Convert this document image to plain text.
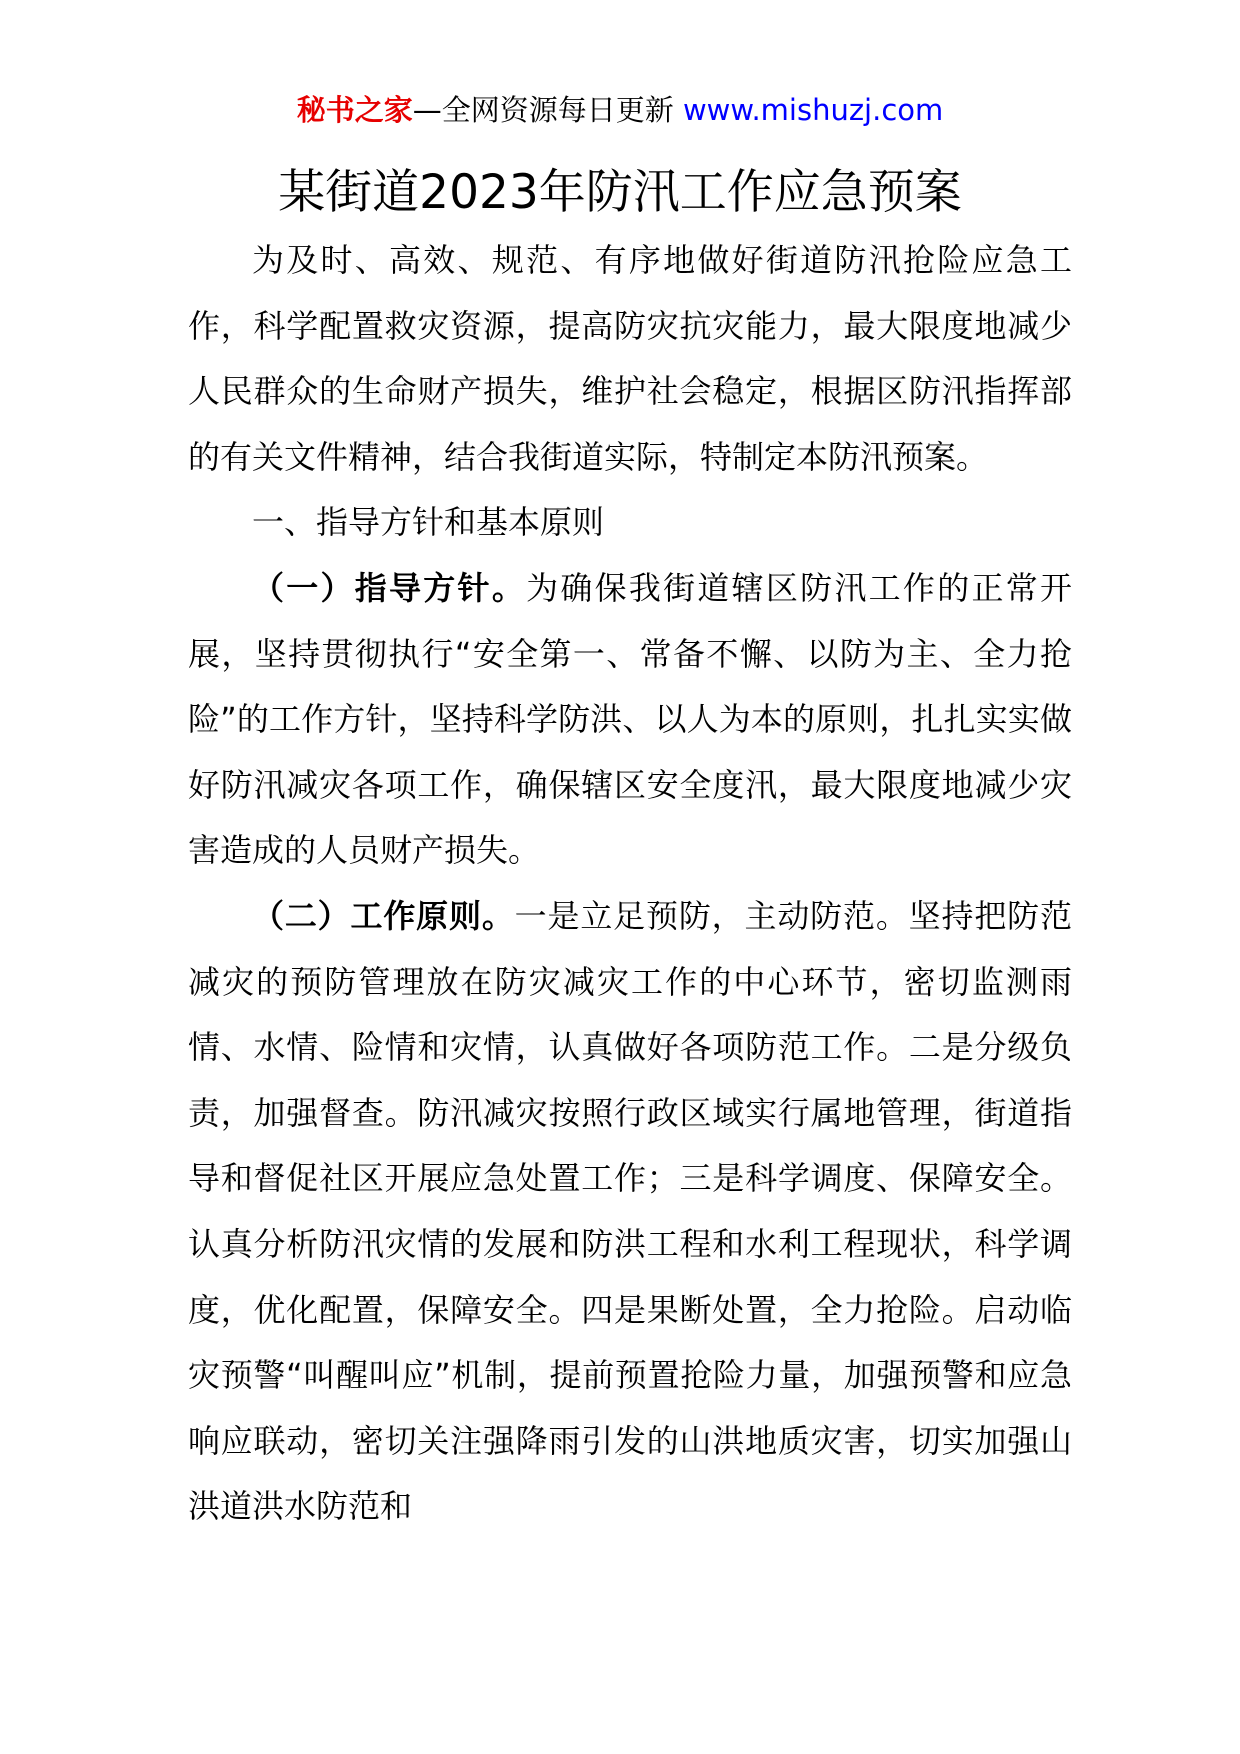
秘书之家—全网资源每日更新 www.mishuzj.com
某街道2023年防汛工作应急预案

为及时、高效、规范、有序地做好街道防汛抢险应急工作，科学配置救灾资源，提高防灾抗灾能力，最大限度地减少人民群众的生命财产损失，维护社会稳定，根据区防汛指挥部的有关文件精神，结合我街道实际，特制定本防汛预案。

一、指导方针和基本原则

（一）指导方针。为确保我街道辖区防汛工作的正常开展，坚持贯彻执行“安全第一、常备不懈、以防为主、全力抢险”的工作方针，坚持科学防洪、以人为本的原则，扎扎实实做好防汛减灾各项工作，确保辖区安全度汛，最大限度地减少灾害造成的人员财产损失。

（二）工作原则。一是立足预防，主动防范。坚持把防范减灾的预防管理放在防灾减灾工作的中心环节，密切监测雨情、水情、险情和灾情，认真做好各项防范工作。二是分级负责，加强督查。防汛减灾按照行政区域实行属地管理，街道指导和督促社区开展应急处置工作；三是科学调度、保障安全。认真分析防汛灾情的发展和防洪工程和水利工程现状，科学调度，优化配置，保障安全。四是果断处置，全力抢险。启动临灾预警“叫醒叫应”机制，提前预置抢险力量，加强预警和应急响应联动，密切关注强降雨引发的山洪地质灾害，切实加强山洪道洪水防范和
